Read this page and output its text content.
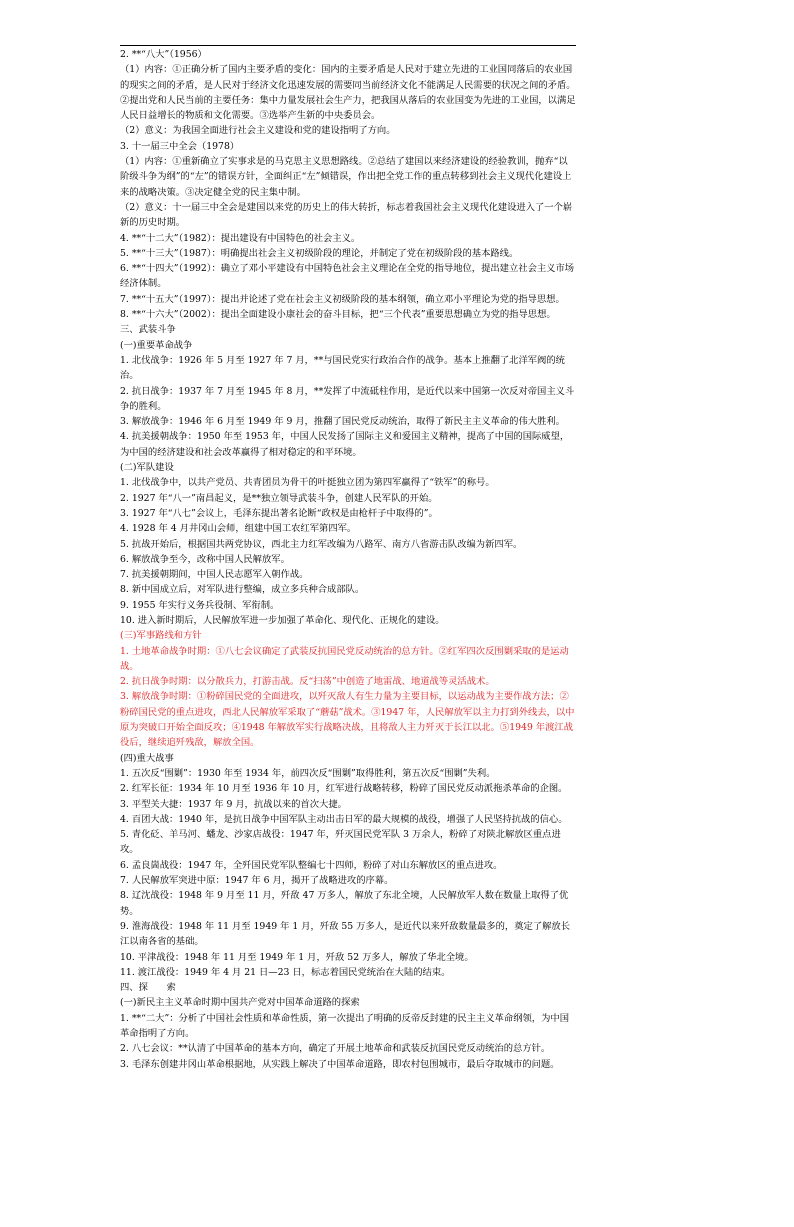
2. **“八大”（1956）

（1）内容：①正确分析了国内主要矛盾的变化：国内的主要矛盾是人民对于建立先进的工业国同落后的农业国的现实之间的矛盾，是人民对于经济文化迅速发展的需要同当前经济文化不能满足人民需要的状况之间的矛盾。②提出党和人民当前的主要任务：集中力量发展社会生产力，把我国从落后的农业国变为先进的工业国，以满足人民日益增长的物质和文化需要。③选举产生新的中央委员会。

（2）意义：为我国全面进行社会主义建设和党的建设指明了方向。

3. 十一届三中全会（1978）

（1）内容：①重新确立了实事求是的马克思主义思想路线。②总结了建国以来经济建设的经验教训，抛弃“以阶级斗争为纲”的“左”的错误方针，全面纠正“左”倾错误，作出把全党工作的重点转移到社会主义现代化建设上来的战略决策。③决定健全党的民主集中制。

（2）意义：十一届三中全会是建国以来党的历史上的伟大转折，标志着我国社会主义现代化建设进入了一个崭新的历史时期。

4. **“十二大”（1982）：提出建设有中国特色的社会主义。

5. **“十三大”（1987）：明确提出社会主义初级阶段的理论，并制定了党在初级阶段的基本路线。

6. **“十四大”（1992）：确立了邓小平建设有中国特色社会主义理论在全党的指导地位，提出建立社会主义市场经济体制。

7. **“十五大”（1997）：提出并论述了党在社会主义初级阶段的基本纲领，确立邓小平理论为党的指导思想。

8. **“十六大”（2002）：提出全面建设小康社会的奋斗目标，把“三个代表”重要思想确立为党的指导思想。

三、武装斗争

(一)重要革命战争

1. 北伐战争：1926 年 5 月至 1927 年 7 月，**与国民党实行政治合作的战争。基本上推翻了北洋军阀的统治。

2. 抗日战争：1937 年 7 月至 1945 年 8 月，**发挥了中流砥柱作用，是近代以来中国第一次反对帝国主义斗争的胜利。

3. 解放战争：1946 年 6 月至 1949 年 9 月，推翻了国民党反动统治，取得了新民主主义革命的伟大胜利。

4. 抗美援朝战争：1950 年至 1953 年，中国人民发扬了国际主义和爱国主义精神，提高了中国的国际威望，为中国的经济建设和社会改革赢得了相对稳定的和平环境。

(二)军队建设

1. 北伐战争中，以共产党员、共青团员为骨干的叶挺独立团为第四军赢得了“铁军”的称号。

2. 1927 年“八一”南昌起义，是**独立领导武装斗争，创建人民军队的开始。

3. 1927 年“八七”会议上，毛泽东提出著名论断“政权是由枪杆子中取得的”。

4. 1928 年 4 月井冈山会师，组建中国工农红军第四军。

5. 抗战开始后，根据国共两党协议，西北主力红军改编为八路军、南方八省游击队改编为新四军。

6. 解放战争至今，改称中国人民解放军。

7. 抗美援朝期间，中国人民志愿军入朝作战。

8. 新中国成立后，对军队进行整编，成立多兵种合成部队。

9. 1955 年实行义务兵役制、军衔制。

10. 进入新时期后，人民解放军进一步加强了革命化、现代化、正规化的建设。

(三)军事路线和方针

1. 土地革命战争时期：①八七会议确定了武装反抗国民党反动统治的总方针。②红军四次反围剿采取的是运动战。

2. 抗日战争时期：以分散兵力，打游击战。反“扫荡”中创造了地雷战、地道战等灵活战术。

3. 解放战争时期：①粉碎国民党的全面进攻，以歼灭敌人有生力量为主要目标，以运动战为主要作战方法；②粉碎国民党的重点进攻，西北人民解放军采取了“蘑菇”战术。③1947 年，人民解放军以主力打到外线去，以中原为突破口开始全面反攻；④1948 年解放军实行战略决战，且将敌人主力歼灭于长江以北。⑤1949 年渡江战役后，继续追歼残敌，解放全国。

(四)重大战事

1. 五次反“围剿”：1930 年至 1934 年，前四次反“围剿”取得胜利，第五次反“围剿”失利。

2. 红军长征：1934 年 10 月至 1936 年 10 月，红军进行战略转移，粉碎了国民党反动派拖杀革命的企图。

3. 平型关大捷：1937 年 9 月，抗战以来的首次大捷。

4. 百团大战：1940 年，是抗日战争中国军队主动出击日军的最大规模的战役，增强了人民坚持抗战的信心。

5. 青化砭、羊马河、蟠龙、沙家店战役：1947 年，歼灭国民党军队 3 万余人，粉碎了对陕北解放区重点进攻。

6. 孟良崮战役：1947 年，全歼国民党军队整编七十四师，粉碎了对山东解放区的重点进攻。

7. 人民解放军突进中原：1947 年 6 月，揭开了战略进攻的序幕。

8. 辽沈战役：1948 年 9 月至 11 月，歼敌 47 万多人，解放了东北全境，人民解放军人数在数量上取得了优势。

9. 淮海战役：1948 年 11 月至 1949 年 1 月，歼敌 55 万多人，是近代以来歼敌数量最多的，奠定了解放长江以南各省的基础。

10. 平津战役：1948 年 11 月至 1949 年 1 月，歼敌 52 万多人，解放了华北全境。

11. 渡江战役：1949 年 4 月 21 日—23 日，标志着国民党统治在大陆的结束。

四、探　　索

(一)新民主主义革命时期中国共产党对中国革命道路的探索

1. **“二大”：分析了中国社会性质和革命性质，第一次提出了明确的反帝反封建的民主主义革命纲领，为中国革命指明了方向。

2. 八七会议：**认清了中国革命的基本方向，确定了开展土地革命和武装反抗国民党反动统治的总方针。

3. 毛泽东创建井冈山革命根据地，从实践上解决了中国革命道路，即农村包围城市，最后夺取城市的问题。
